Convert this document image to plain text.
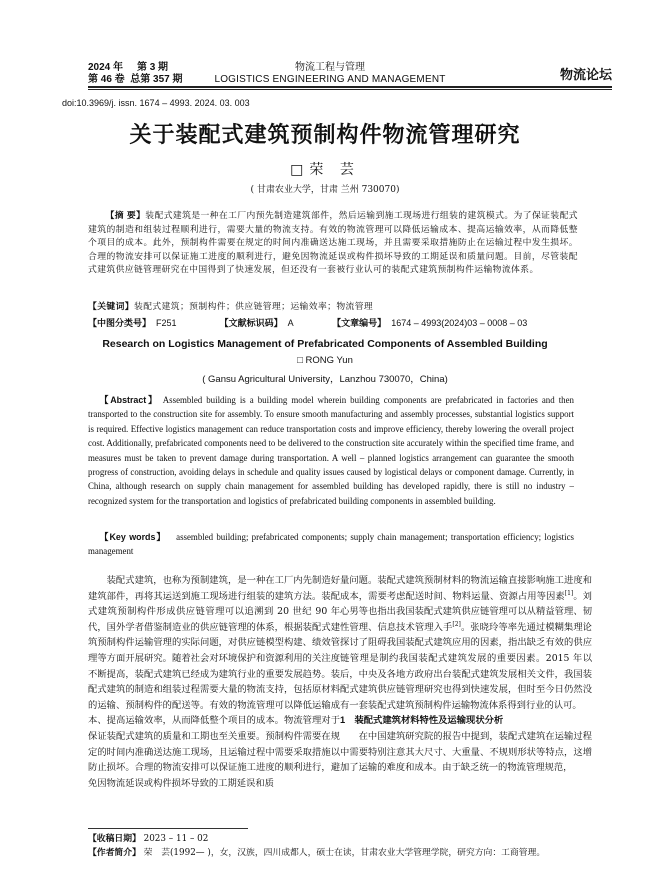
2024 年 第 3 期
第 46 卷 总第 357 期
物流工程与管理
LOGISTICS ENGINEERING AND MANAGEMENT	物流论坛
doi:10.3969/j. issn. 1674 – 4993. 2024. 03. 003
关于装配式建筑预制构件物流管理研究
□荣 芸
( 甘肃农业大学，甘肃 兰州 730070)
【摘 要】装配式建筑是一种在工厂内预先制造建筑部件，然后运输到施工现场进行组装的建筑模式。为了保证装配式建筑的制造和组装过程顺利进行，需要大量的物流支持。有效的物流管理可以降低运输成本、提高运输效率，从而降低整个项目的成本。此外，预制构件需要在规定的时间内准确送达施工现场，并且需要采取措施防止在运输过程中发生损坏。合理的物流安排可以保证施工进度的顺利进行，避免因物流延误或构件损坏导致的工期延误和质量问题。目前，尽管装配式建筑供应链管理研究在中国得到了快速发展，但还没有一套被行业认可的装配式建筑预制构件运输物流体系。
【关键词】装配式建筑；预制构件；供应链管理；运输效率；物流管理
【中图分类号】 F251	【文献标识码】 A	【文章编号】 1674 – 4993(2024)03 – 0008 – 03
Research on Logistics Management of Prefabricated Components of Assembled Building
□ RONG Yun
( Gansu Agricultural University，Lanzhou 730070，China)
【Abstract】 Assembled building is a building model wherein building components are prefabricated in factories and then transported to the construction site for assembly. To ensure smooth manufacturing and assembly processes, substantial logistics support is required. Effective logistics management can reduce transportation costs and improve efficiency, thereby lowering the overall project cost. Additionally, prefabricated components need to be delivered to the construction site accurately within the specified time frame, and measures must be taken to prevent damage during transportation. A well – planned logistics arrangement can guarantee the smooth progress of construction, avoiding delays in schedule and quality issues caused by logistical delays or component damage. Currently, in China, although research on supply chain management for assembled building has developed rapidly, there is still no industry – recognized system for the transportation and logistics of prefabricated building components in assembled building.
【Key words】 assembled building; prefabricated components; supply chain management; transportation efficiency; logistics management

装配式建筑，也称为预制建筑，是一种在工厂内先制造好建筑部件，再将其运送到施工现场进行组装的建筑方法。装配式建筑预制构件形成供应链管理可以追溯到 20 世纪 90 年代，国外学者借鉴制造业的供应链管理的体系，根据装配式建筑预制构件运输管理的实际问题，对供应链模型构建、绩效管理等方面开展研究。随着社会对环境保护和资源利用的关注度不断提高，装配式建筑已经成为建筑行业的重要发展趋势。装配式建筑的制造和组装过程需要大量的物流支持，包括原材料的运输、预制构件的配送等。有效的物流管理可以降低运输成本、提高运输效率，从而降低整个项目的成本。物流管理对于保证装配式建筑的质量和工期也至关重要。预制构件需要在规定的时间内准确送达施工现场，且运输过程中需要采取措施以防止损坏。合理的物流安排可以保证施工进度的顺利进行，避免因物流延误或构件损坏导致的工期延误和质

量问题。装配式建筑预制材料的物流运输直接影响施工进度和成本，需要考虑配送时间、物料运量、资源占用等因素[1]。刘心男等也指出我国装配式建筑供应链管理可以从精益管理、韧性管理、信息技术管理入手[2]。张晓玲等率先通过模糊集理论探讨了阻碍我国装配式建筑应用的因素，指出缺乏有效的供应链管理是制约我国装配式建筑发展的重要因素。2015 年以后，中央及各地方政府出台装配式建筑发展相关文件，我国装配式建筑供应链管理研究也得到快速发展，但时至今日仍然没有一套装配式建筑预制构件运输物流体系得到行业的认可。

1　装配式建筑材料特性及运输现状分析

在中国建筑研究院的报告中提到，装配式建筑在运输过程中需要特别注意其大尺寸、大重量、不规则形状等特点，这增加了运输的难度和成本。由于缺乏统一的物流管理规范，

【收稿日期】 2023 – 11 – 02
【作者简介】 荣　芸(1992— )，女，汉族，四川成都人，硕士在读，甘肃农业大学管理学院，研究方向：工商管理。
